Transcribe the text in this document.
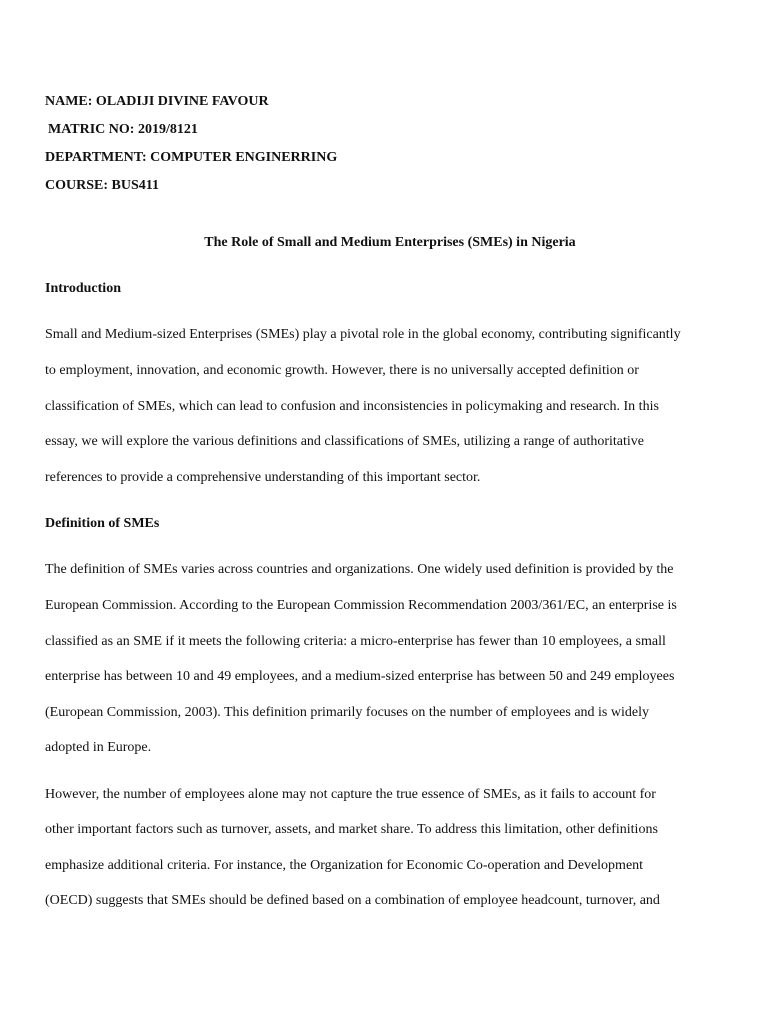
NAME: OLADIJI DIVINE FAVOUR
MATRIC NO: 2019/8121
DEPARTMENT: COMPUTER ENGINERRING
COURSE: BUS411
The Role of Small and Medium Enterprises (SMEs) in Nigeria
Introduction
Small and Medium-sized Enterprises (SMEs) play a pivotal role in the global economy, contributing significantly
to employment, innovation, and economic growth. However, there is no universally accepted definition or
classification of SMEs, which can lead to confusion and inconsistencies in policymaking and research. In this
essay, we will explore the various definitions and classifications of SMEs, utilizing a range of authoritative
references to provide a comprehensive understanding of this important sector.
Definition of SMEs
The definition of SMEs varies across countries and organizations. One widely used definition is provided by the
European Commission. According to the European Commission Recommendation 2003/361/EC, an enterprise is
classified as an SME if it meets the following criteria: a micro-enterprise has fewer than 10 employees, a small
enterprise has between 10 and 49 employees, and a medium-sized enterprise has between 50 and 249 employees
(European Commission, 2003). This definition primarily focuses on the number of employees and is widely
adopted in Europe.
However, the number of employees alone may not capture the true essence of SMEs, as it fails to account for
other important factors such as turnover, assets, and market share. To address this limitation, other definitions
emphasize additional criteria. For instance, the Organization for Economic Co-operation and Development
(OECD) suggests that SMEs should be defined based on a combination of employee headcount, turnover, and
